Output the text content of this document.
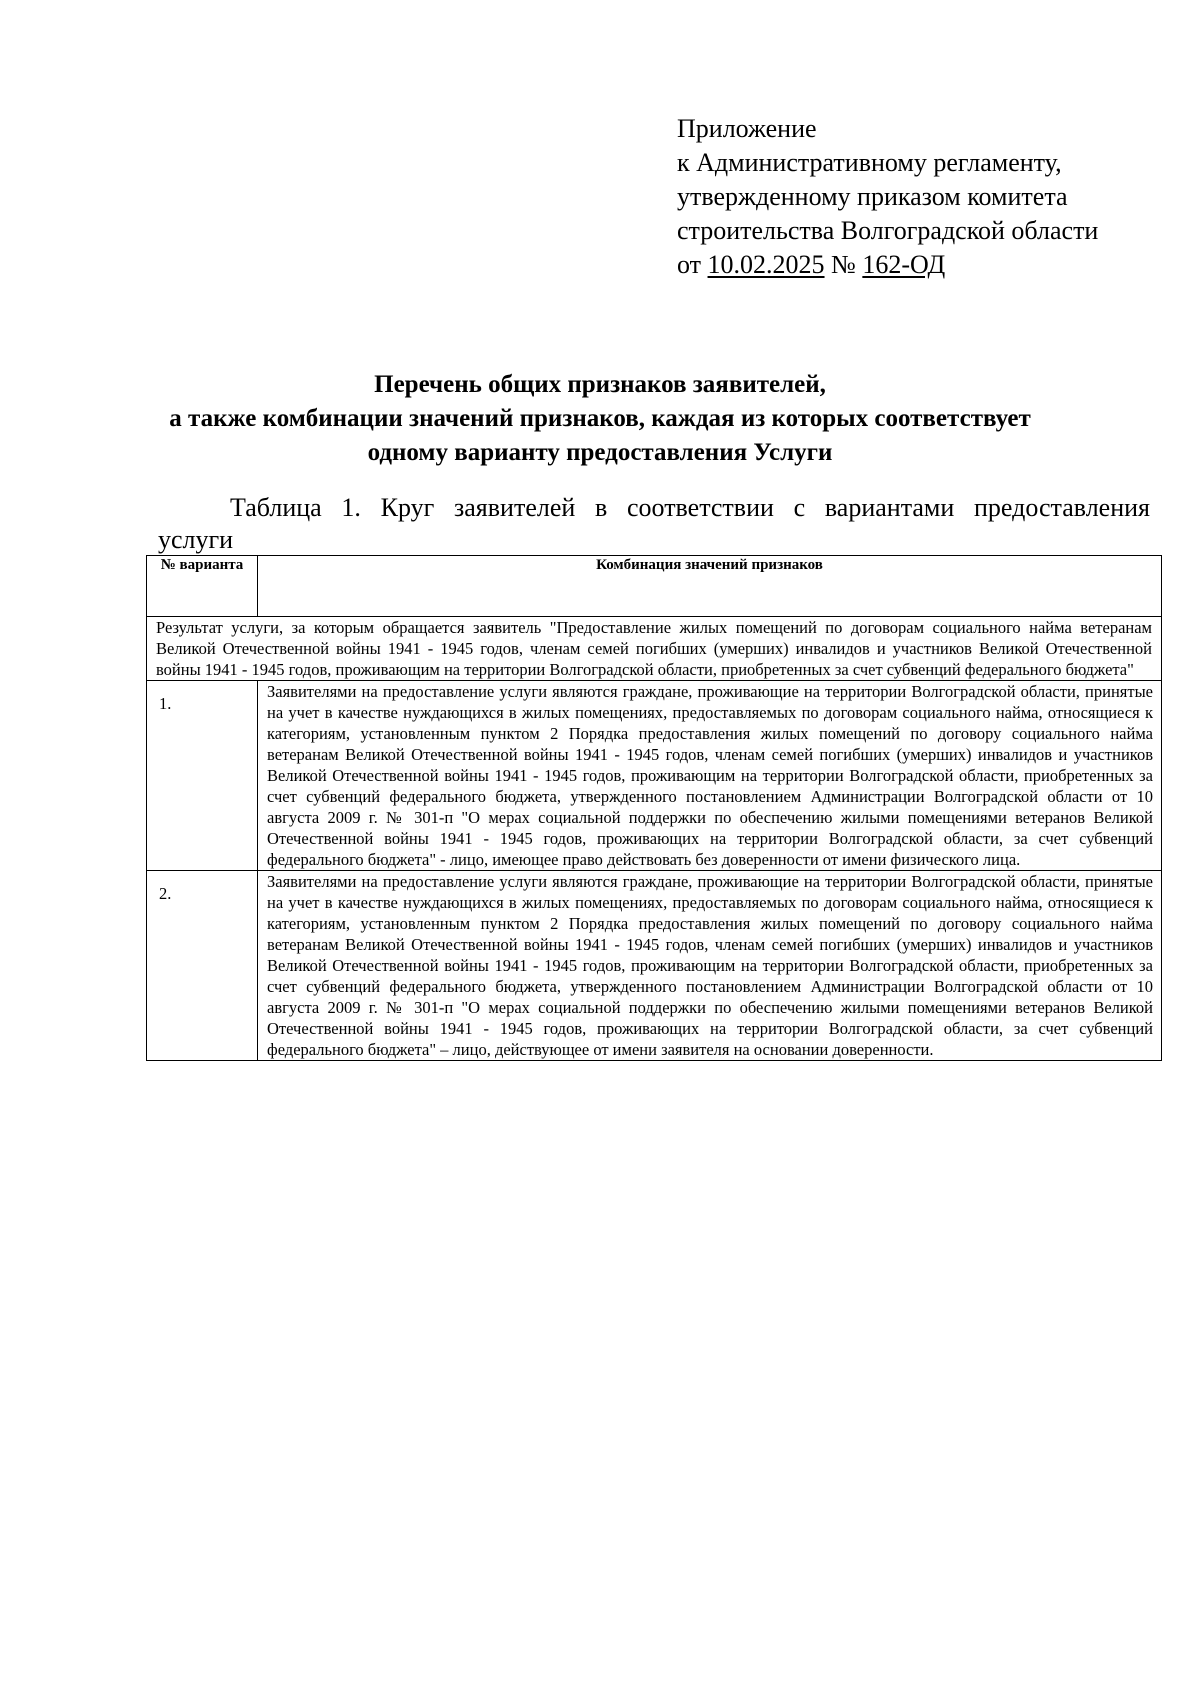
Приложение
к Административному регламенту,
утвержденному приказом комитета
строительства Волгоградской области
от 10.02.2025 № 162-ОД
Перечень общих признаков заявителей,
а также комбинации значений признаков, каждая из которых соответствует
одному варианту предоставления Услуги
Таблица 1. Круг заявителей в соответствии с вариантами предоставления
услуги
№ варианта	Комбинация значений признаков
Результат услуги, за которым обращается заявитель "Предоставление жилых помещений по договорам социального найма ветеранам Великой Отечественной войны 1941 - 1945 годов, членам семей погибших (умерших) инвалидов и участников Великой Отечественной войны 1941 - 1945 годов, проживающим на территории Волгоградской области, приобретенных за счет субвенций федерального бюджета"	
1.	Заявителями на предоставление услуги являются граждане, проживающие на территории Волгоградской области, принятые на учет в качестве нуждающихся в жилых помещениях, предоставляемых по договорам социального найма, относящиеся к категориям, установленным пунктом 2 Порядка предоставления жилых помещений по договору социального найма ветеранам Великой Отечественной войны 1941 - 1945 годов, членам семей погибших (умерших) инвалидов и участников Великой Отечественной войны 1941 - 1945 годов, проживающим на территории Волгоградской области, приобретенных за счет субвенций федерального бюджета, утвержденного постановлением Администрации Волгоградской области от 10 августа 2009 г. № 301-п "О мерах социальной поддержки по обеспечению жилыми помещениями ветеранов Великой Отечественной войны 1941 - 1945 годов, проживающих на территории Волгоградской области, за счет субвенций федерального бюджета" - лицо, имеющее право действовать без доверенности от имени физического лица.
2.	Заявителями на предоставление услуги являются граждане, проживающие на территории Волгоградской области, принятые на учет в качестве нуждающихся в жилых помещениях, предоставляемых по договорам социального найма, относящиеся к категориям, установленным пунктом 2 Порядка предоставления жилых помещений по договору социального найма ветеранам Великой Отечественной войны 1941 - 1945 годов, членам семей погибших (умерших) инвалидов и участников Великой Отечественной войны 1941 - 1945 годов, проживающим на территории Волгоградской области, приобретенных за счет субвенций федерального бюджета, утвержденного постановлением Администрации Волгоградской области от 10 августа 2009 г. № 301-п "О мерах социальной поддержки по обеспечению жилыми помещениями ветеранов Великой Отечественной войны 1941 - 1945 годов, проживающих на территории Волгоградской области, за счет субвенций федерального бюджета" – лицо, действующее от имени заявителя на основании доверенности.
